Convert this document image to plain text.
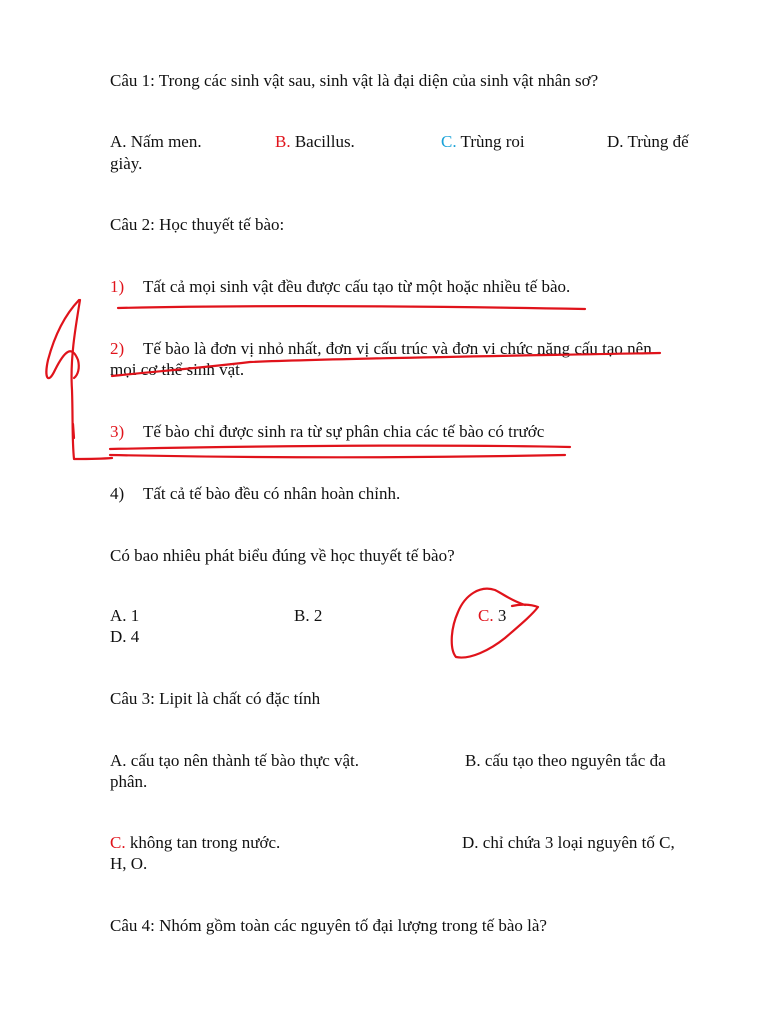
Câu 1: Trong các sinh vật sau, sinh vật là đại diện của sinh vật nhân sơ?
A. Nấm men.	B. Bacillus.	C. Trùng roi	D. Trùng đế
giày.
Câu 2: Học thuyết tế bào:
1) Tất cả mọi sinh vật đều được cấu tạo từ một hoặc nhiều tế bào.
2) Tế bào là đơn vị nhỏ nhất, đơn vị cấu trúc và đơn vị chức năng cấu tạo nên
mọi cơ thể sinh vật.
3) Tế bào chỉ được sinh ra từ sự phân chia các tế bào có trước
4) Tất cả tế bào đều có nhân hoàn chỉnh.
Có bao nhiêu phát biểu đúng về học thuyết tế bào?
A. 1	B. 2	C. 3
D. 4
Câu 3: Lipit là chất có đặc tính
A. cấu tạo nên thành tế bào thực vật.	B. cấu tạo theo nguyên tắc đa
phân.
C. không tan trong nước.	D. chỉ chứa 3 loại nguyên tố C,
H, O.
Câu 4: Nhóm gồm toàn các nguyên tố đại lượng trong tế bào là?
